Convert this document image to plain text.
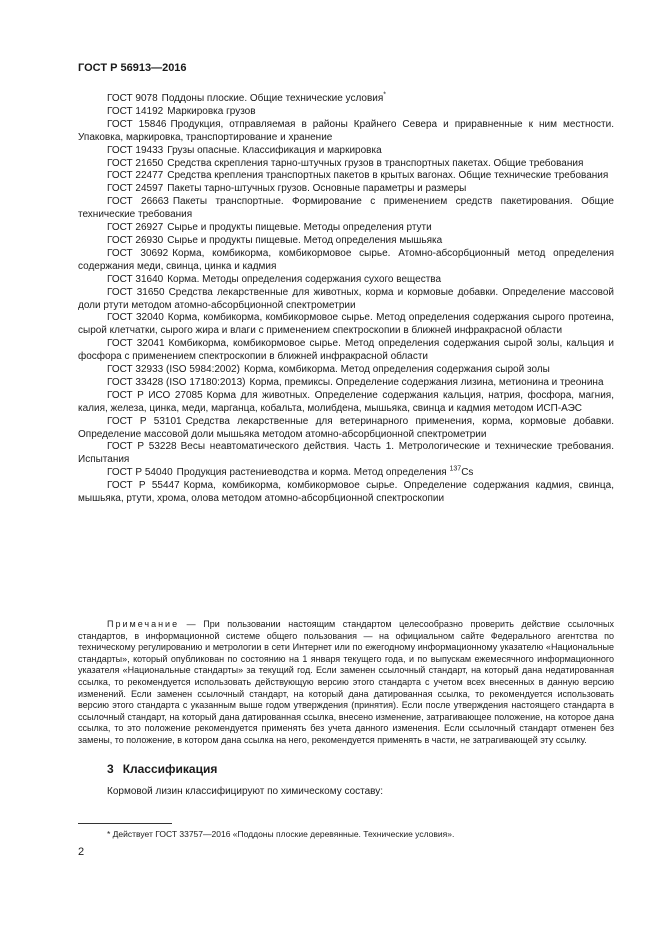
ГОСТ Р 56913—2016

ГОСТ 9078 Поддоны плоские. Общие технические условия*

ГОСТ 14192 Маркировка грузов

ГОСТ 15846 Продукция, отправляемая в районы Крайнего Севера и приравненные к ним местности. Упаковка, маркировка, транспортирование и хранение

ГОСТ 19433 Грузы опасные. Классификация и маркировка

ГОСТ 21650 Средства скрепления тарно-штучных грузов в транспортных пакетах. Общие требования

ГОСТ 22477 Средства крепления транспортных пакетов в крытых вагонах. Общие технические требования

ГОСТ 24597 Пакеты тарно-штучных грузов. Основные параметры и размеры

ГОСТ 26663 Пакеты транспортные. Формирование с применением средств пакетирования. Общие технические требования

ГОСТ 26927 Сырье и продукты пищевые. Методы определения ртути

ГОСТ 26930 Сырье и продукты пищевые. Метод определения мышьяка

ГОСТ 30692 Корма, комбикорма, комбикормовое сырье. Атомно-абсорбционный метод определения содержания меди, свинца, цинка и кадмия

ГОСТ 31640 Корма. Методы определения содержания сухого вещества

ГОСТ 31650 Средства лекарственные для животных, корма и кормовые добавки. Определение массовой доли ртути методом атомно-абсорбционной спектрометрии

ГОСТ 32040 Корма, комбикорма, комбикормовое сырье. Метод определения содержания сырого протеина, сырой клетчатки, сырого жира и влаги с применением спектроскопии в ближней инфракрасной области

ГОСТ 32041 Комбикорма, комбикормовое сырье. Метод определения содержания сырой золы, кальция и фосфора с применением спектроскопии в ближней инфракрасной области

ГОСТ 32933 (ISO 5984:2002) Корма, комбикорма. Метод определения содержания сырой золы

ГОСТ 33428 (ISO 17180:2013) Корма, премиксы. Определение содержания лизина, метионина и треонина

ГОСТ Р ИСО 27085 Корма для животных. Определение содержания кальция, натрия, фосфора, магния, калия, железа, цинка, меди, марганца, кобальта, молибдена, мышьяка, свинца и кадмия методом ИСП-АЭС

ГОСТ Р 53101 Средства лекарственные для ветеринарного применения, корма, кормовые добавки. Определение массовой доли мышьяка методом атомно-абсорбционной спектрометрии

ГОСТ Р 53228 Весы неавтоматического действия. Часть 1. Метрологические и технические требования. Испытания

ГОСТ Р 54040 Продукция растениеводства и корма. Метод определения $^{137}$Cs

ГОСТ Р 55447 Корма, комбикорма, комбикормовое сырье. Определение содержания кадмия, свинца, мышьяка, ртути, хрома, олова методом атомно-абсорбционной спектроскопии

Примечание — При пользовании настоящим стандартом целесообразно проверить действие ссылочных стандартов, в информационной системе общего пользования — на официальном сайте Федерального агентства по техническому регулированию и метрологии в сети Интернет или по ежегодному информационному указателю «Национальные стандарты», который опубликован по состоянию на 1 января текущего года, и по выпускам ежемесячного информационного указателя «Национальные стандарты» за текущий год. Если заменен ссылочный стандарт, на который дана недатированная ссылка, то рекомендуется использовать действующую версию этого стандарта с учетом всех внесенных в данную версию изменений. Если заменен ссылочный стандарт, на который дана датированная ссылка, то рекомендуется использовать версию этого стандарта с указанным выше годом утверждения (принятия). Если после утверждения настоящего стандарта в ссылочный стандарт, на который дана датированная ссылка, внесено изменение, затрагивающее положение, на которое дана ссылка, то это положение рекомендуется применять без учета данного изменения. Если ссылочный стандарт отменен без замены, то положение, в котором дана ссылка на него, рекомендуется применять в части, не затрагивающей эту ссылку.

3 Классификация
Кормовой лизин классифицируют по химическому составу:
* Действует ГОСТ 33757—2016 «Поддоны плоские деревянные. Технические условия».
2
